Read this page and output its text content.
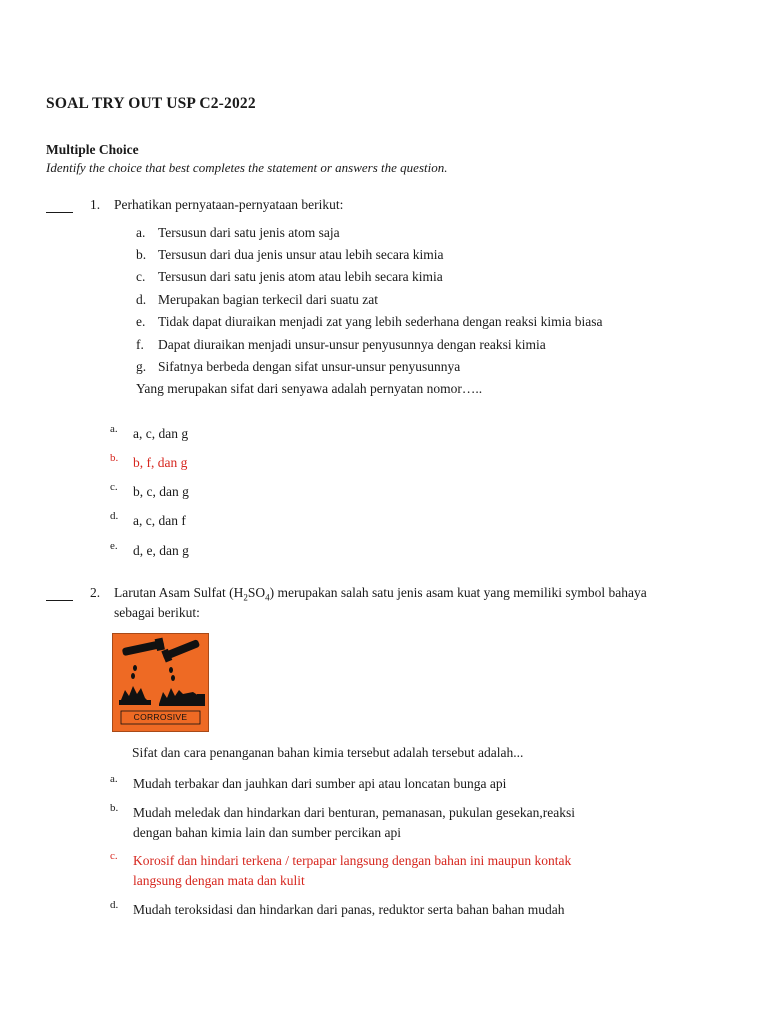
SOAL TRY OUT USP C2-2022
Multiple Choice
Identify the choice that best completes the statement or answers the question.
1. Perhatikan pernyataan-pernyataan berikut:
a. Tersusun dari satu jenis atom saja
b. Tersusun dari dua jenis unsur atau lebih secara kimia
c. Tersusun dari satu jenis atom atau lebih secara kimia
d. Merupakan bagian terkecil dari suatu zat
e. Tidak dapat diuraikan menjadi zat yang lebih sederhana dengan reaksi kimia biasa
f. Dapat diuraikan menjadi unsur-unsur penyusunnya dengan reaksi kimia
g. Sifatnya berbeda dengan sifat unsur-unsur penyusunnya
Yang merupakan sifat dari senyawa adalah pernyatan nomor…..
a. a, c, dan g
b. b, f, dan g
c. b, c, dan g
d. a, c, dan f
e. d, e, dan g
2. Larutan Asam Sulfat $(H_2SO_4)$ merupakan salah satu jenis asam kuat yang memiliki symbol bahaya
sebagai berikut:
CORROSIVE
Sifat dan cara penanganan bahan kimia tersebut adalah tersebut adalah...
a. Mudah terbakar dan jauhkan dari sumber api atau loncatan bunga api
b. Mudah meledak dan hindarkan dari benturan, pemanasan, pukulan gesekan,reaksi
dengan bahan kimia lain dan sumber percikan api
c. Korosif dan hindari terkena / terpapar langsung dengan bahan ini maupun kontak
langsung dengan mata dan kulit
d. Mudah teroksidasi dan hindarkan dari panas, reduktor serta bahan bahan mudah
